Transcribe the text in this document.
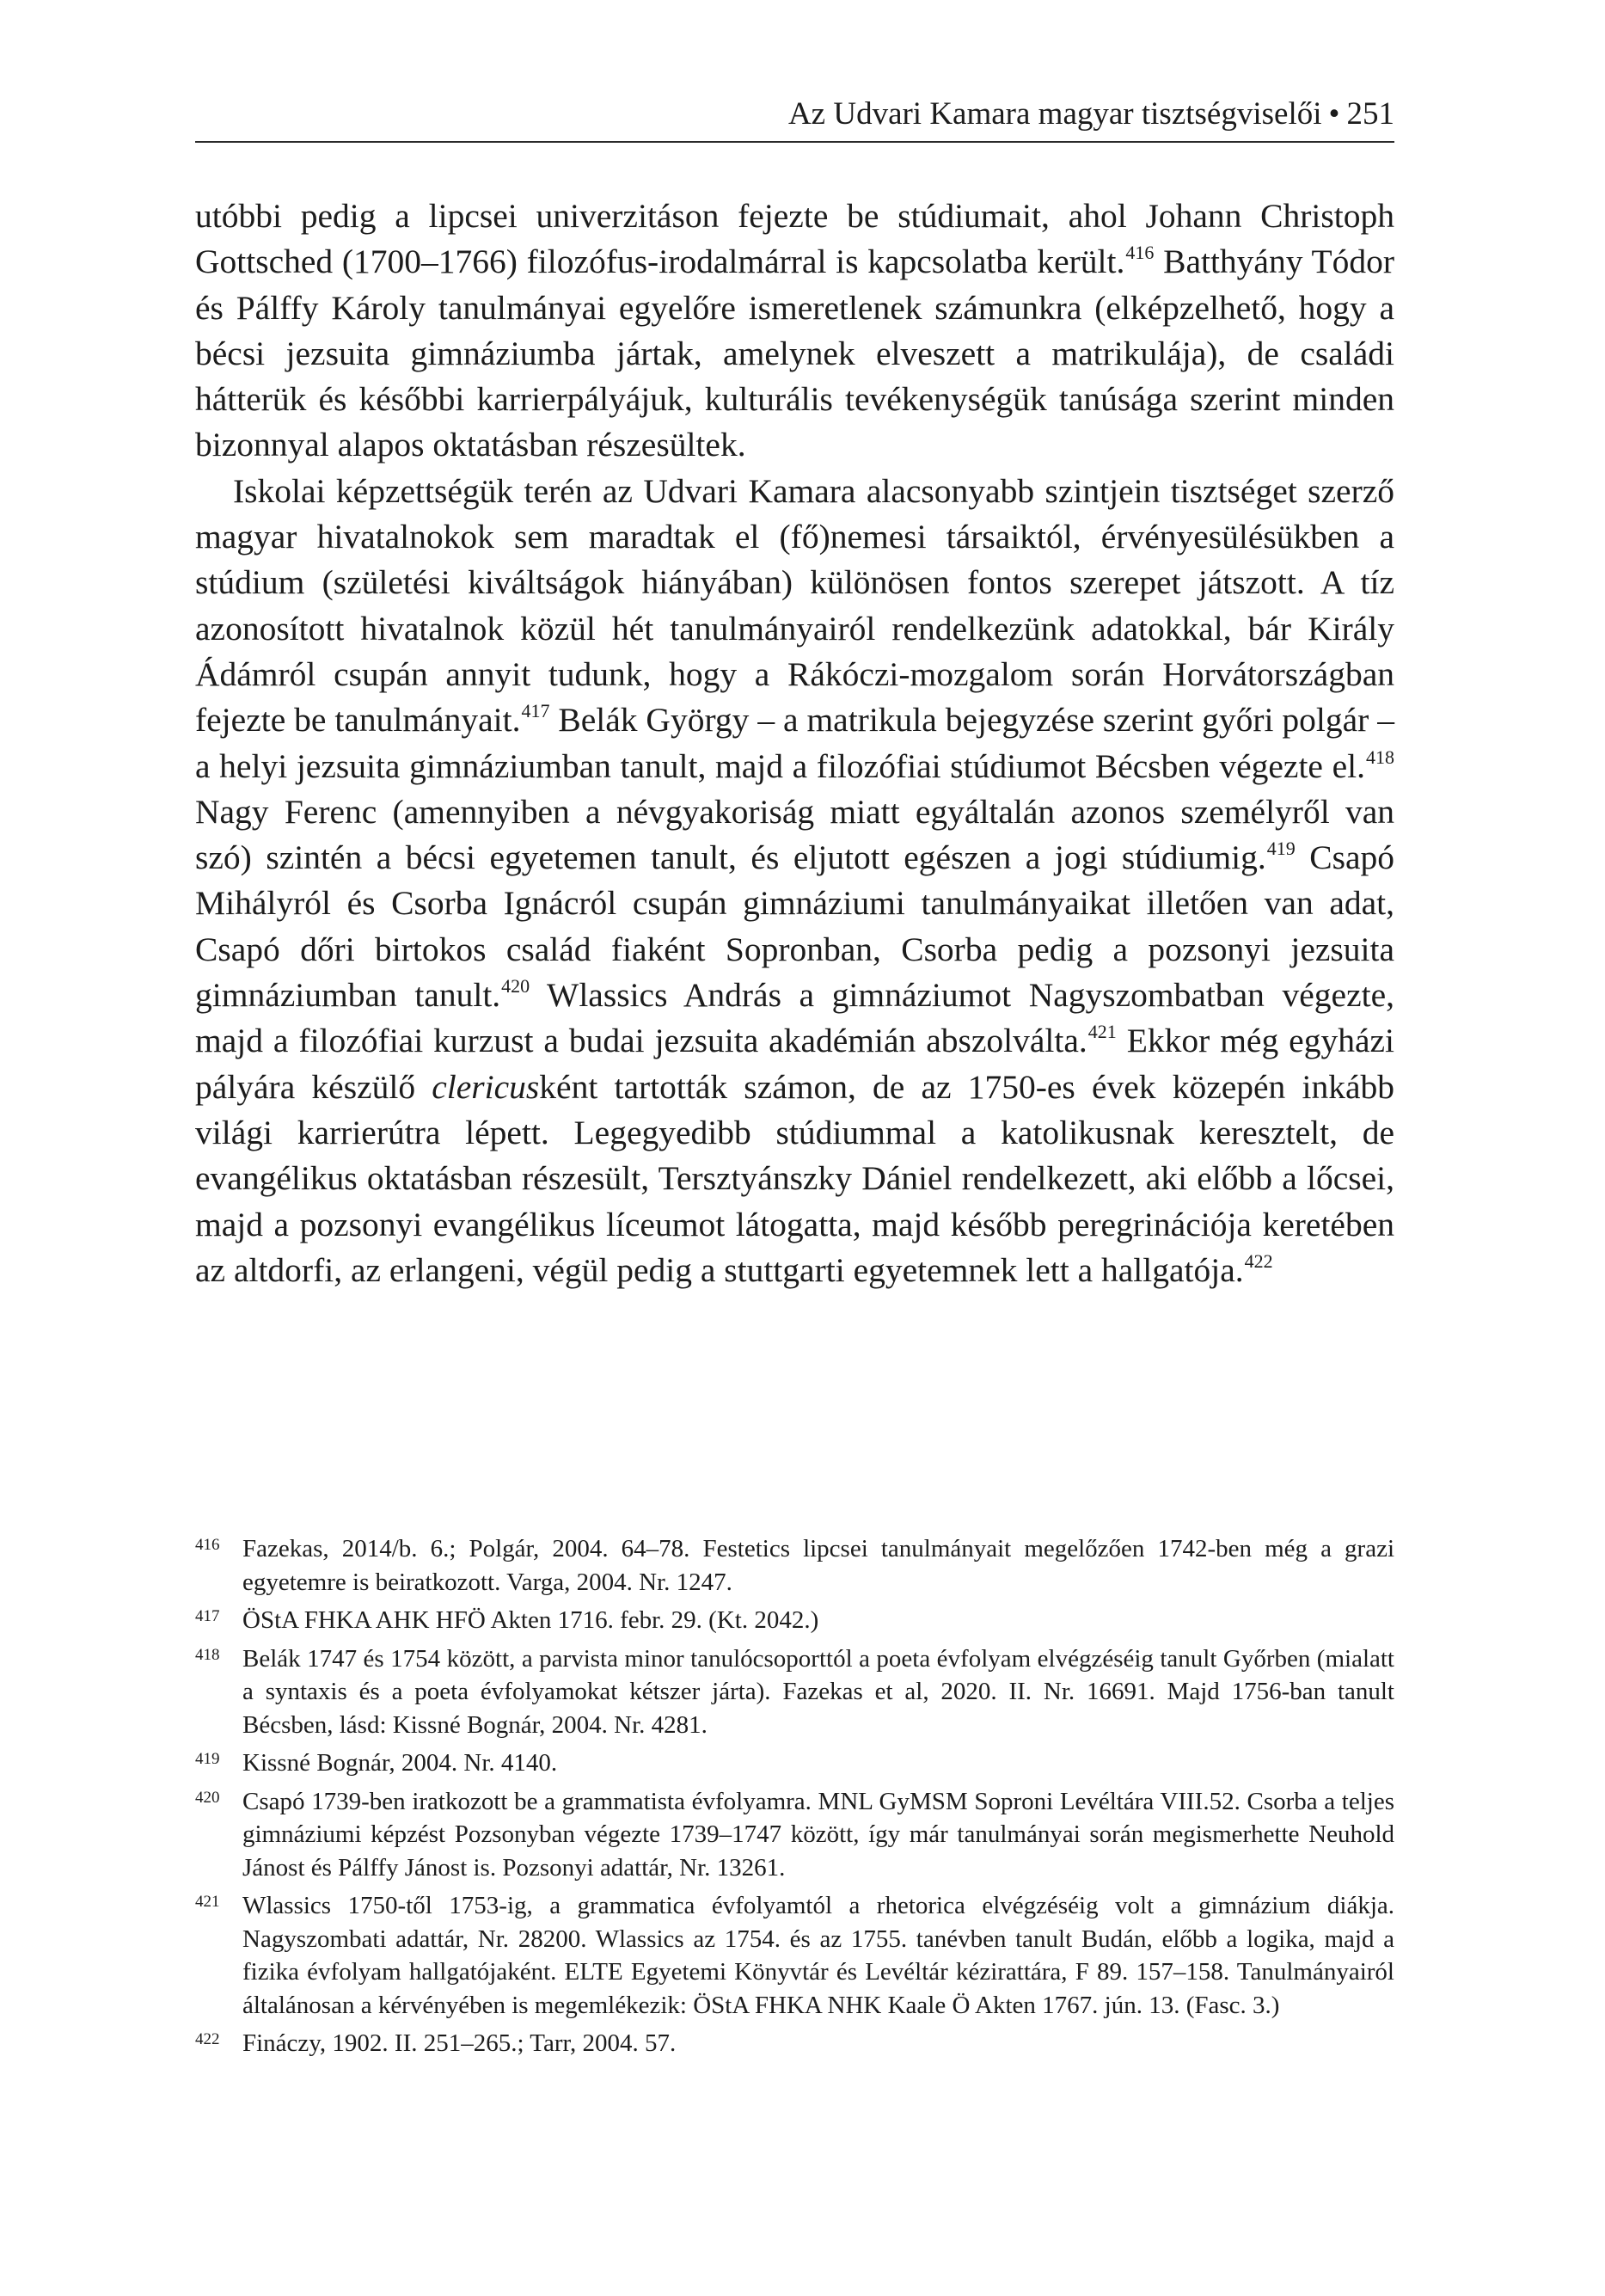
Az Udvari Kamara magyar tisztségviselői • 251

utóbbi pedig a lipcsei univerzitáson fejezte be stúdiumait, ahol Johann Christoph Gottsched (1700–1766) filozófus-irodalmárral is kapcsolatba került.$^{416}$ Batthyány Tódor és Pálffy Károly tanulmányai egyelőre ismeretlenek számunkra (elképzelhető, hogy a bécsi jezsuita gimnáziumba jártak, amelynek elveszett a matrikulája), de családi hátterük és későbbi karrierpályájuk, kulturális tevékenységük tanúsága szerint minden bizonnyal alapos oktatásban részesültek.

Iskolai képzettségük terén az Udvari Kamara alacsonyabb szintjein tisztséget szerző magyar hivatalnokok sem maradtak el (fő)nemesi társaiktól, érvényesülésükben a stúdium (születési kiváltságok hiányában) különösen fontos szerepet játszott. A tíz azonosított hivatalnok közül hét tanulmányairól rendelkezünk adatokkal, bár Király Ádámról csupán annyit tudunk, hogy a Rákóczi-mozgalom során Horvátországban fejezte be tanulmányait.$^{417}$ Belák György – a matrikula bejegyzése szerint győri polgár – a helyi jezsuita gimnáziumban tanult, majd a filozófiai stúdiumot Bécsben végezte el.$^{418}$ Nagy Ferenc (amennyiben a névgyakoriság miatt egyáltalán azonos személyről van szó) szintén a bécsi egyetemen tanult, és eljutott egészen a jogi stúdiumig.$^{419}$ Csapó Mihályról és Csorba Ignácról csupán gimnáziumi tanulmányaikat illetően van adat, Csapó dőri birtokos család fiaként Sopronban, Csorba pedig a pozsonyi jezsuita gimnáziumban tanult.$^{420}$ Wlassics András a gimnáziumot Nagyszombatban végezte, majd a filozófiai kurzust a budai jezsuita akadémián abszolválta.$^{421}$ Ekkor még egyházi pályára készülő clericusként tartották számon, de az 1750-es évek közepén inkább világi karrierútra lépett. Legegyedibb stúdiummal a katolikusnak keresztelt, de evangélikus oktatásban részesült, Tersztyánszky Dániel rendelkezett, aki előbb a lőcsei, majd a pozsonyi evangélikus líceumot látogatta, majd később peregrinációja keretében az altdorfi, az erlangeni, végül pedig a stuttgarti egyetemnek lett a hallgatója.$^{422}$

416 Fazekas, 2014/b. 6.; Polgár, 2004. 64–78. Festetics lipcsei tanulmányait megelőzően 1742-ben még a grazi egyetemre is beiratkozott. Varga, 2004. Nr. 1247.
417 ÖStA FHKA AHK HFÖ Akten 1716. febr. 29. (Kt. 2042.)
418 Belák 1747 és 1754 között, a parvista minor tanulócsoporttól a poeta évfolyam elvégzéséig tanult Győrben (mialatt a syntaxis és a poeta évfolyamokat kétszer járta). Fazekas et al, 2020. II. Nr. 16691. Majd 1756-ban tanult Bécsben, lásd: Kissné Bognár, 2004. Nr. 4281.
419 Kissné Bognár, 2004. Nr. 4140.
420 Csapó 1739-ben iratkozott be a grammatista évfolyamra. MNL GyMSM Soproni Levéltára VIII.52. Csorba a teljes gimnáziumi képzést Pozsonyban végezte 1739–1747 között, így már tanulmányai során megismerhette Neuhold Jánost és Pálffy Jánost is. Pozsonyi adattár, Nr. 13261.
421 Wlassics 1750-től 1753-ig, a grammatica évfolyamtól a rhetorica elvégzéséig volt a gimnázium diákja. Nagyszombati adattár, Nr. 28200. Wlassics az 1754. és az 1755. tanévben tanult Budán, előbb a logika, majd a fizika évfolyam hallgatójaként. ELTE Egyetemi Könyvtár és Levéltár kézirattára, F 89. 157–158. Tanulmányairól általánosan a kérvényében is megemlékezik: ÖStA FHKA NHK Kaale Ö Akten 1767. jún. 13. (Fasc. 3.)
422 Fináczy, 1902. II. 251–265.; Tarr, 2004. 57.
